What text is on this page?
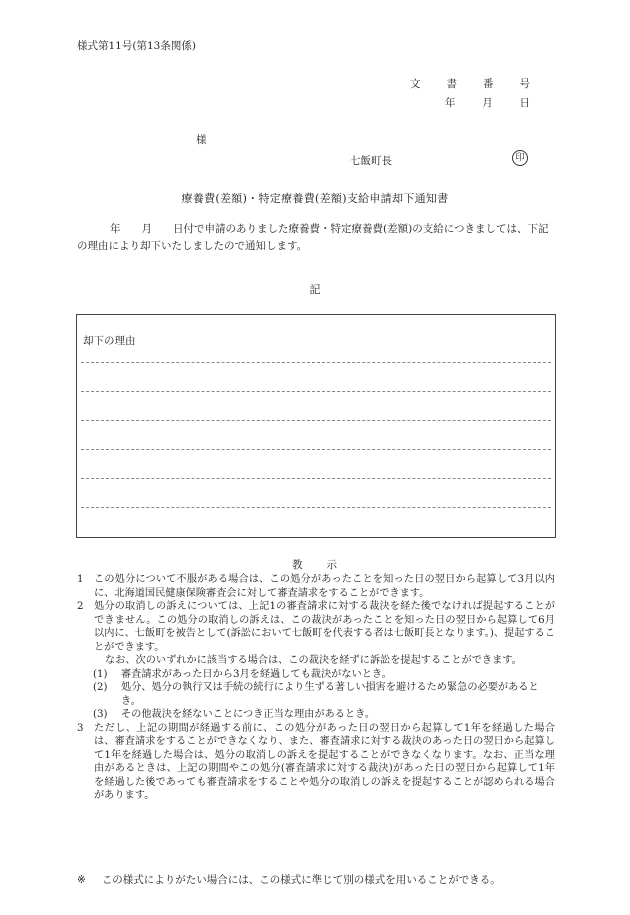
様式第11号(第13条関係)
文 書 番 号
年	月	日
様
七飯町長	印
療養費(差額)・特定療養費(差額)支給申請却下通知書
年　　月　　日付で申請のありました療養費・特定療養費(差額)の支給につきましては、下記の理由により却下いたしましたので通知します。
記
却下の理由
教　　示
1	この処分について不服がある場合は、この処分があったことを知った日の翌日から起算して3月以内に、北海道国民健康保険審査会に対して審査請求をすることができます。
2	処分の取消しの訴えについては、上記1の審査請求に対する裁決を経た後でなければ提起することができません。この処分の取消しの訴えは、この裁決があったことを知った日の翌日から起算して6月以内に、七飯町を被告として(訴訟において七飯町を代表する者は七飯町長となります。)、提起することができます。
なお、次のいずれかに該当する場合は、この裁決を経ずに訴訟を提起することができます。
(1)	審査請求があった日から3月を経過しても裁決がないとき。
(2)	処分、処分の執行又は手続の続行により生ずる著しい損害を避けるため緊急の必要があるとき。
(3)	その他裁決を経ないことにつき正当な理由があるとき。
3	ただし、上記の期間が経過する前に、この処分があった日の翌日から起算して1年を経過した場合は、審査請求をすることができなくなり、また、審査請求に対する裁決のあった日の翌日から起算して1年を経過した場合は、処分の取消しの訴えを提起することができなくなります。なお、正当な理由があるときは、上記の期間やこの処分(審査請求に対する裁決)があった日の翌日から起算して1年を経過した後であっても審査請求をすることや処分の取消しの訴えを提起することが認められる場合があります。
※ この様式によりがたい場合には、この様式に準じて別の様式を用いることができる。
